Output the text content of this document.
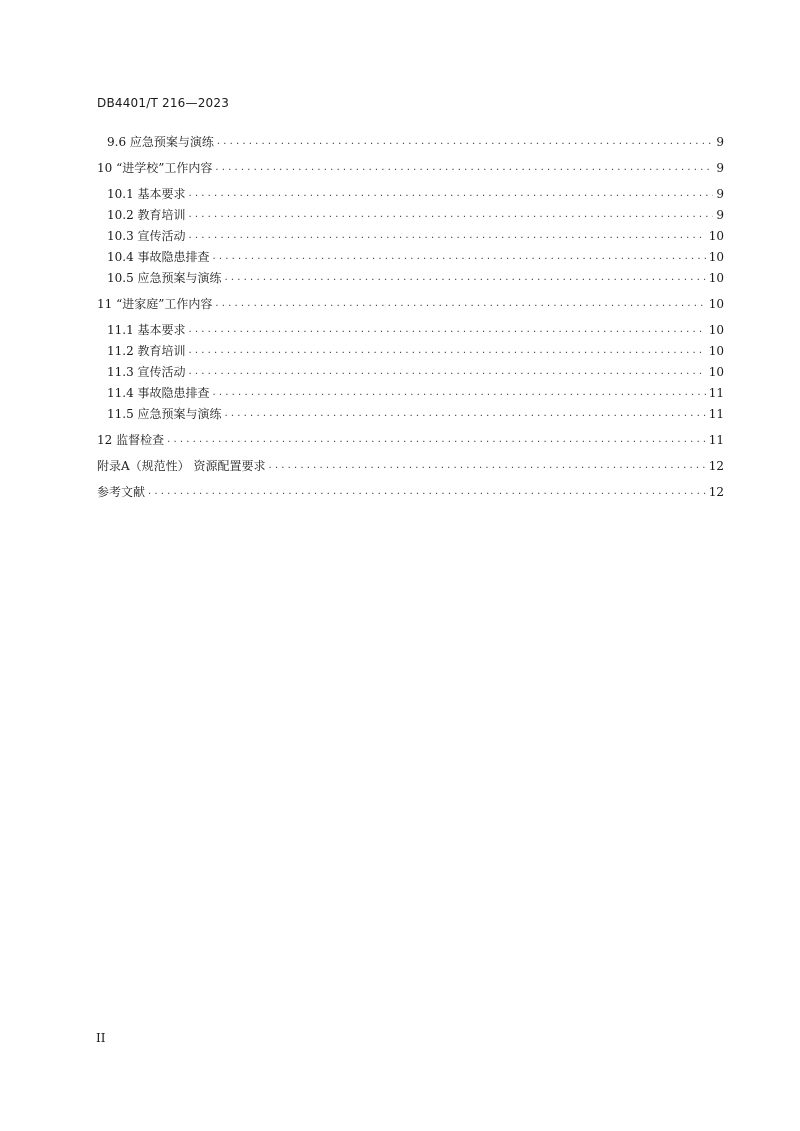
DB4401/T 216—2023
9.6 应急预案与演练 .....	9
10 “进学校”工作内容 .....	9
10.1 基本要求 .....	9
10.2 教育培训 .....	9
10.3 宣传活动 .....	10
10.4 事故隐患排查 .....	10
10.5 应急预案与演练 .....	10
11 “进家庭”工作内容 .....	10
11.1 基本要求 .....	10
11.2 教育培训 .....	10
11.3 宣传活动 .....	10
11.4 事故隐患排查 .....	11
11.5 应急预案与演练 .....	11
12 监督检查 .....	11
附录A（规范性） 资源配置要求 .....	12
参考文献 .....	12
II
